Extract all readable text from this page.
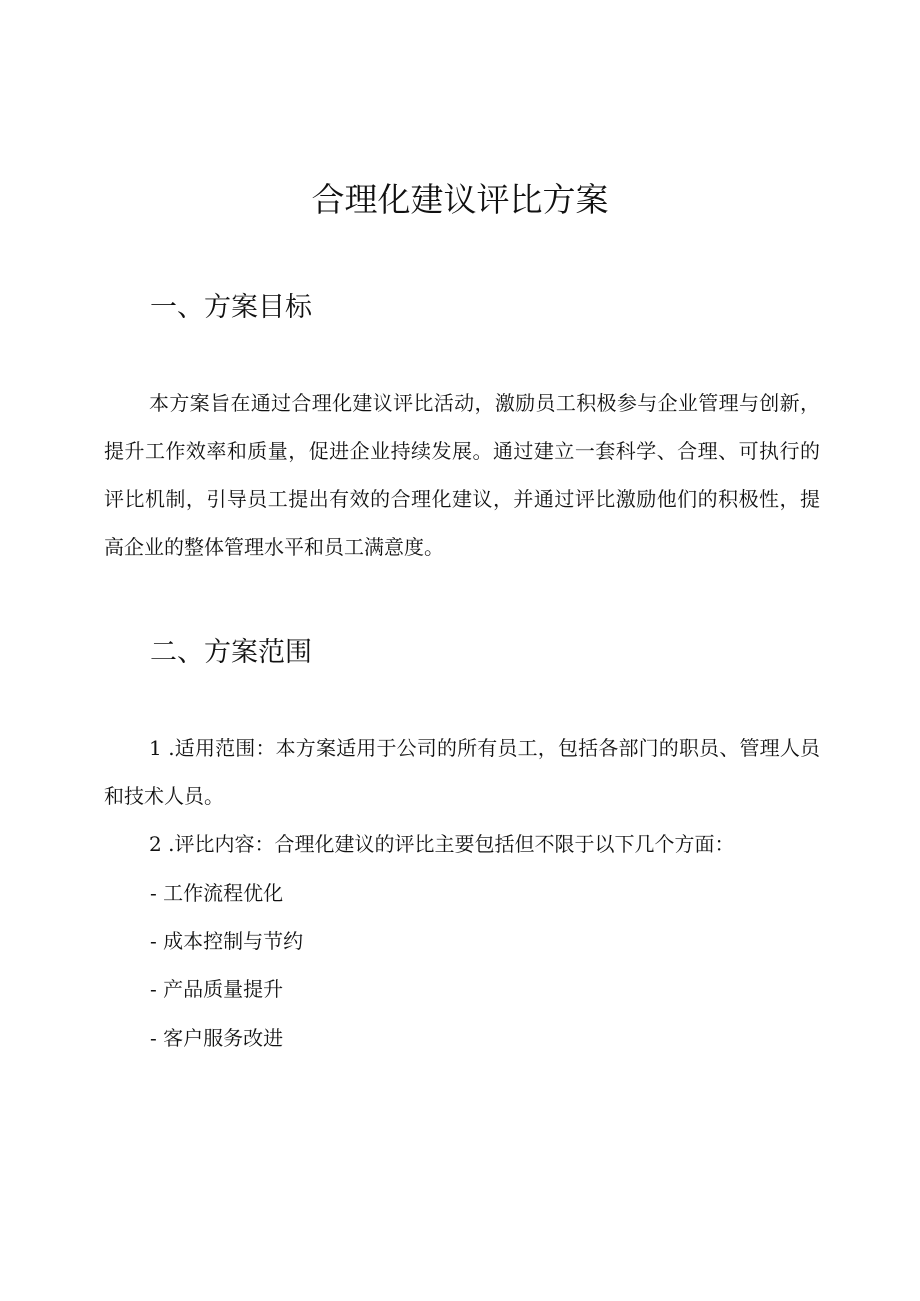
合理化建议评比方案
一、方案目标

本方案旨在通过合理化建议评比活动，激励员工积极参与企业管理与创新，提升工作效率和质量，促进企业持续发展。通过建立一套科学、合理、可执行的评比机制，引导员工提出有效的合理化建议，并通过评比激励他们的积极性，提高企业的整体管理水平和员工满意度。

二、方案范围

1 .适用范围：本方案适用于公司的所有员工，包括各部门的职员、管理人员和技术人员。

2 .评比内容：合理化建议的评比主要包括但不限于以下几个方面：

- 工作流程优化

- 成本控制与节约

- 产品质量提升

- 客户服务改进
